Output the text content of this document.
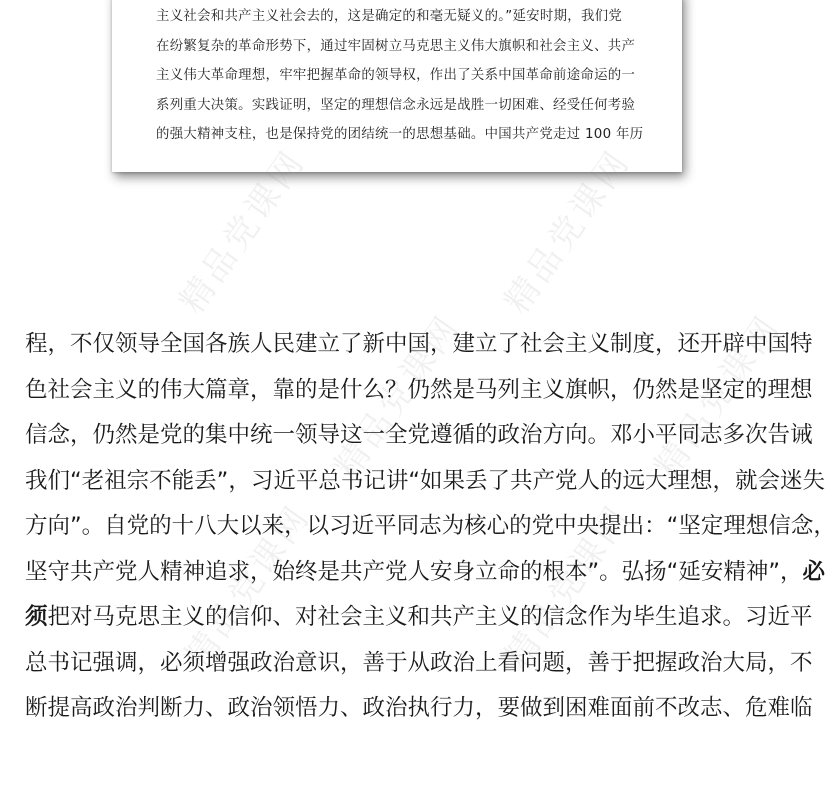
主义社会和共产主义社会去的，这是确定的和毫无疑义的。”延安时期，我们党
在纷繁复杂的革命形势下，通过牢固树立马克思主义伟大旗帜和社会主义、共产
主义伟大革命理想，牢牢把握革命的领导权，作出了关系中国革命前途命运的一
系列重大决策。实践证明，坚定的理想信念永远是战胜一切困难、经受任何考验
的强大精神支柱，也是保持党的团结统一的思想基础。中国共产党走过 100 年历
精品党课网	精品党课网
精品党课网	精品党课网
精品党课网	精品党课网
程，不仅领导全国各族人民建立了新中国，建立了社会主义制度，还开辟中国特
色社会主义的伟大篇章，靠的是什么？仍然是马列主义旗帜，仍然是坚定的理想
信念，仍然是党的集中统一领导这一全党遵循的政治方向。邓小平同志多次告诫
我们“老祖宗不能丢”，习近平总书记讲“如果丢了共产党人的远大理想，就会迷失
方向”。自党的十八大以来，以习近平同志为核心的党中央提出：“坚定理想信念，
坚守共产党人精神追求，始终是共产党人安身立命的根本”。弘扬“延安精神”，必
须把对马克思主义的信仰、对社会主义和共产主义的信念作为毕生追求。习近平
总书记强调，必须增强政治意识，善于从政治上看问题，善于把握政治大局，不
断提高政治判断力、政治领悟力、政治执行力，要做到困难面前不改志、危难临
